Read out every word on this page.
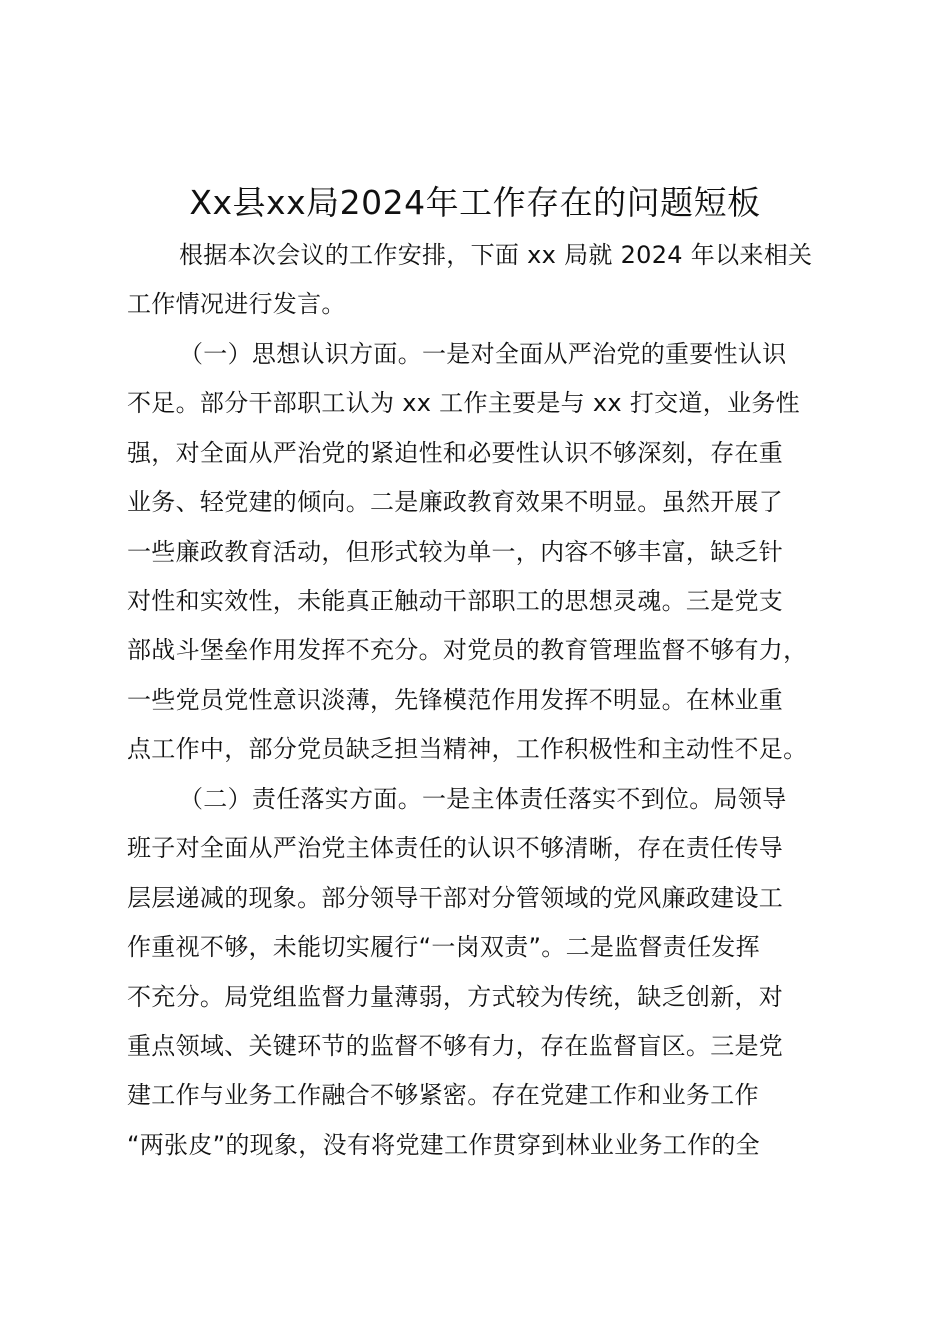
Xx县xx局2024年工作存在的问题短板
根据本次会议的工作安排，下面 xx 局就 2024 年以来相关
工作情况进行发言。
（一）思想认识方面。一是对全面从严治党的重要性认识
不足。部分干部职工认为 xx 工作主要是与 xx 打交道，业务性
强，对全面从严治党的紧迫性和必要性认识不够深刻，存在重
业务、轻党建的倾向。二是廉政教育效果不明显。虽然开展了
一些廉政教育活动，但形式较为单一，内容不够丰富，缺乏针
对性和实效性，未能真正触动干部职工的思想灵魂。三是党支
部战斗堡垒作用发挥不充分。对党员的教育管理监督不够有力，
一些党员党性意识淡薄，先锋模范作用发挥不明显。在林业重
点工作中，部分党员缺乏担当精神，工作积极性和主动性不足。
（二）责任落实方面。一是主体责任落实不到位。局领导
班子对全面从严治党主体责任的认识不够清晰，存在责任传导
层层递减的现象。部分领导干部对分管领域的党风廉政建设工
作重视不够，未能切实履行“一岗双责”。二是监督责任发挥
不充分。局党组监督力量薄弱，方式较为传统，缺乏创新，对
重点领域、关键环节的监督不够有力，存在监督盲区。三是党
建工作与业务工作融合不够紧密。存在党建工作和业务工作
“两张皮”的现象，没有将党建工作贯穿到林业业务工作的全
